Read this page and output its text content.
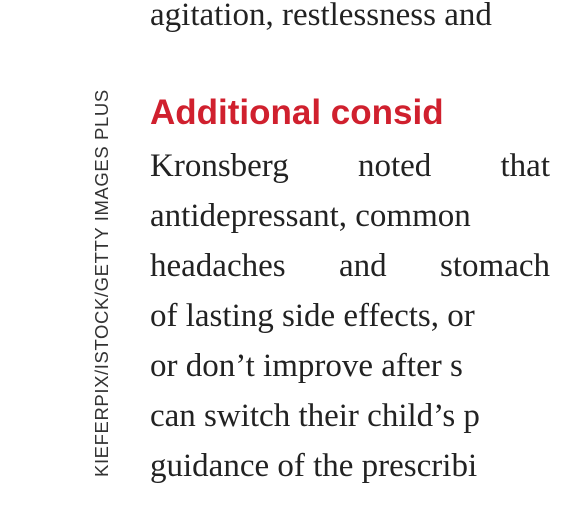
KIEFERPIX/ISTOCK/GETTY IMAGES PLUS
agitation, restlessness and
Additional consid
Kronsberg noted that
antidepressant, common
headaches and stomach
of lasting side effects, or
or don’t improve after s
can switch their child’s p
guidance of the prescribi
